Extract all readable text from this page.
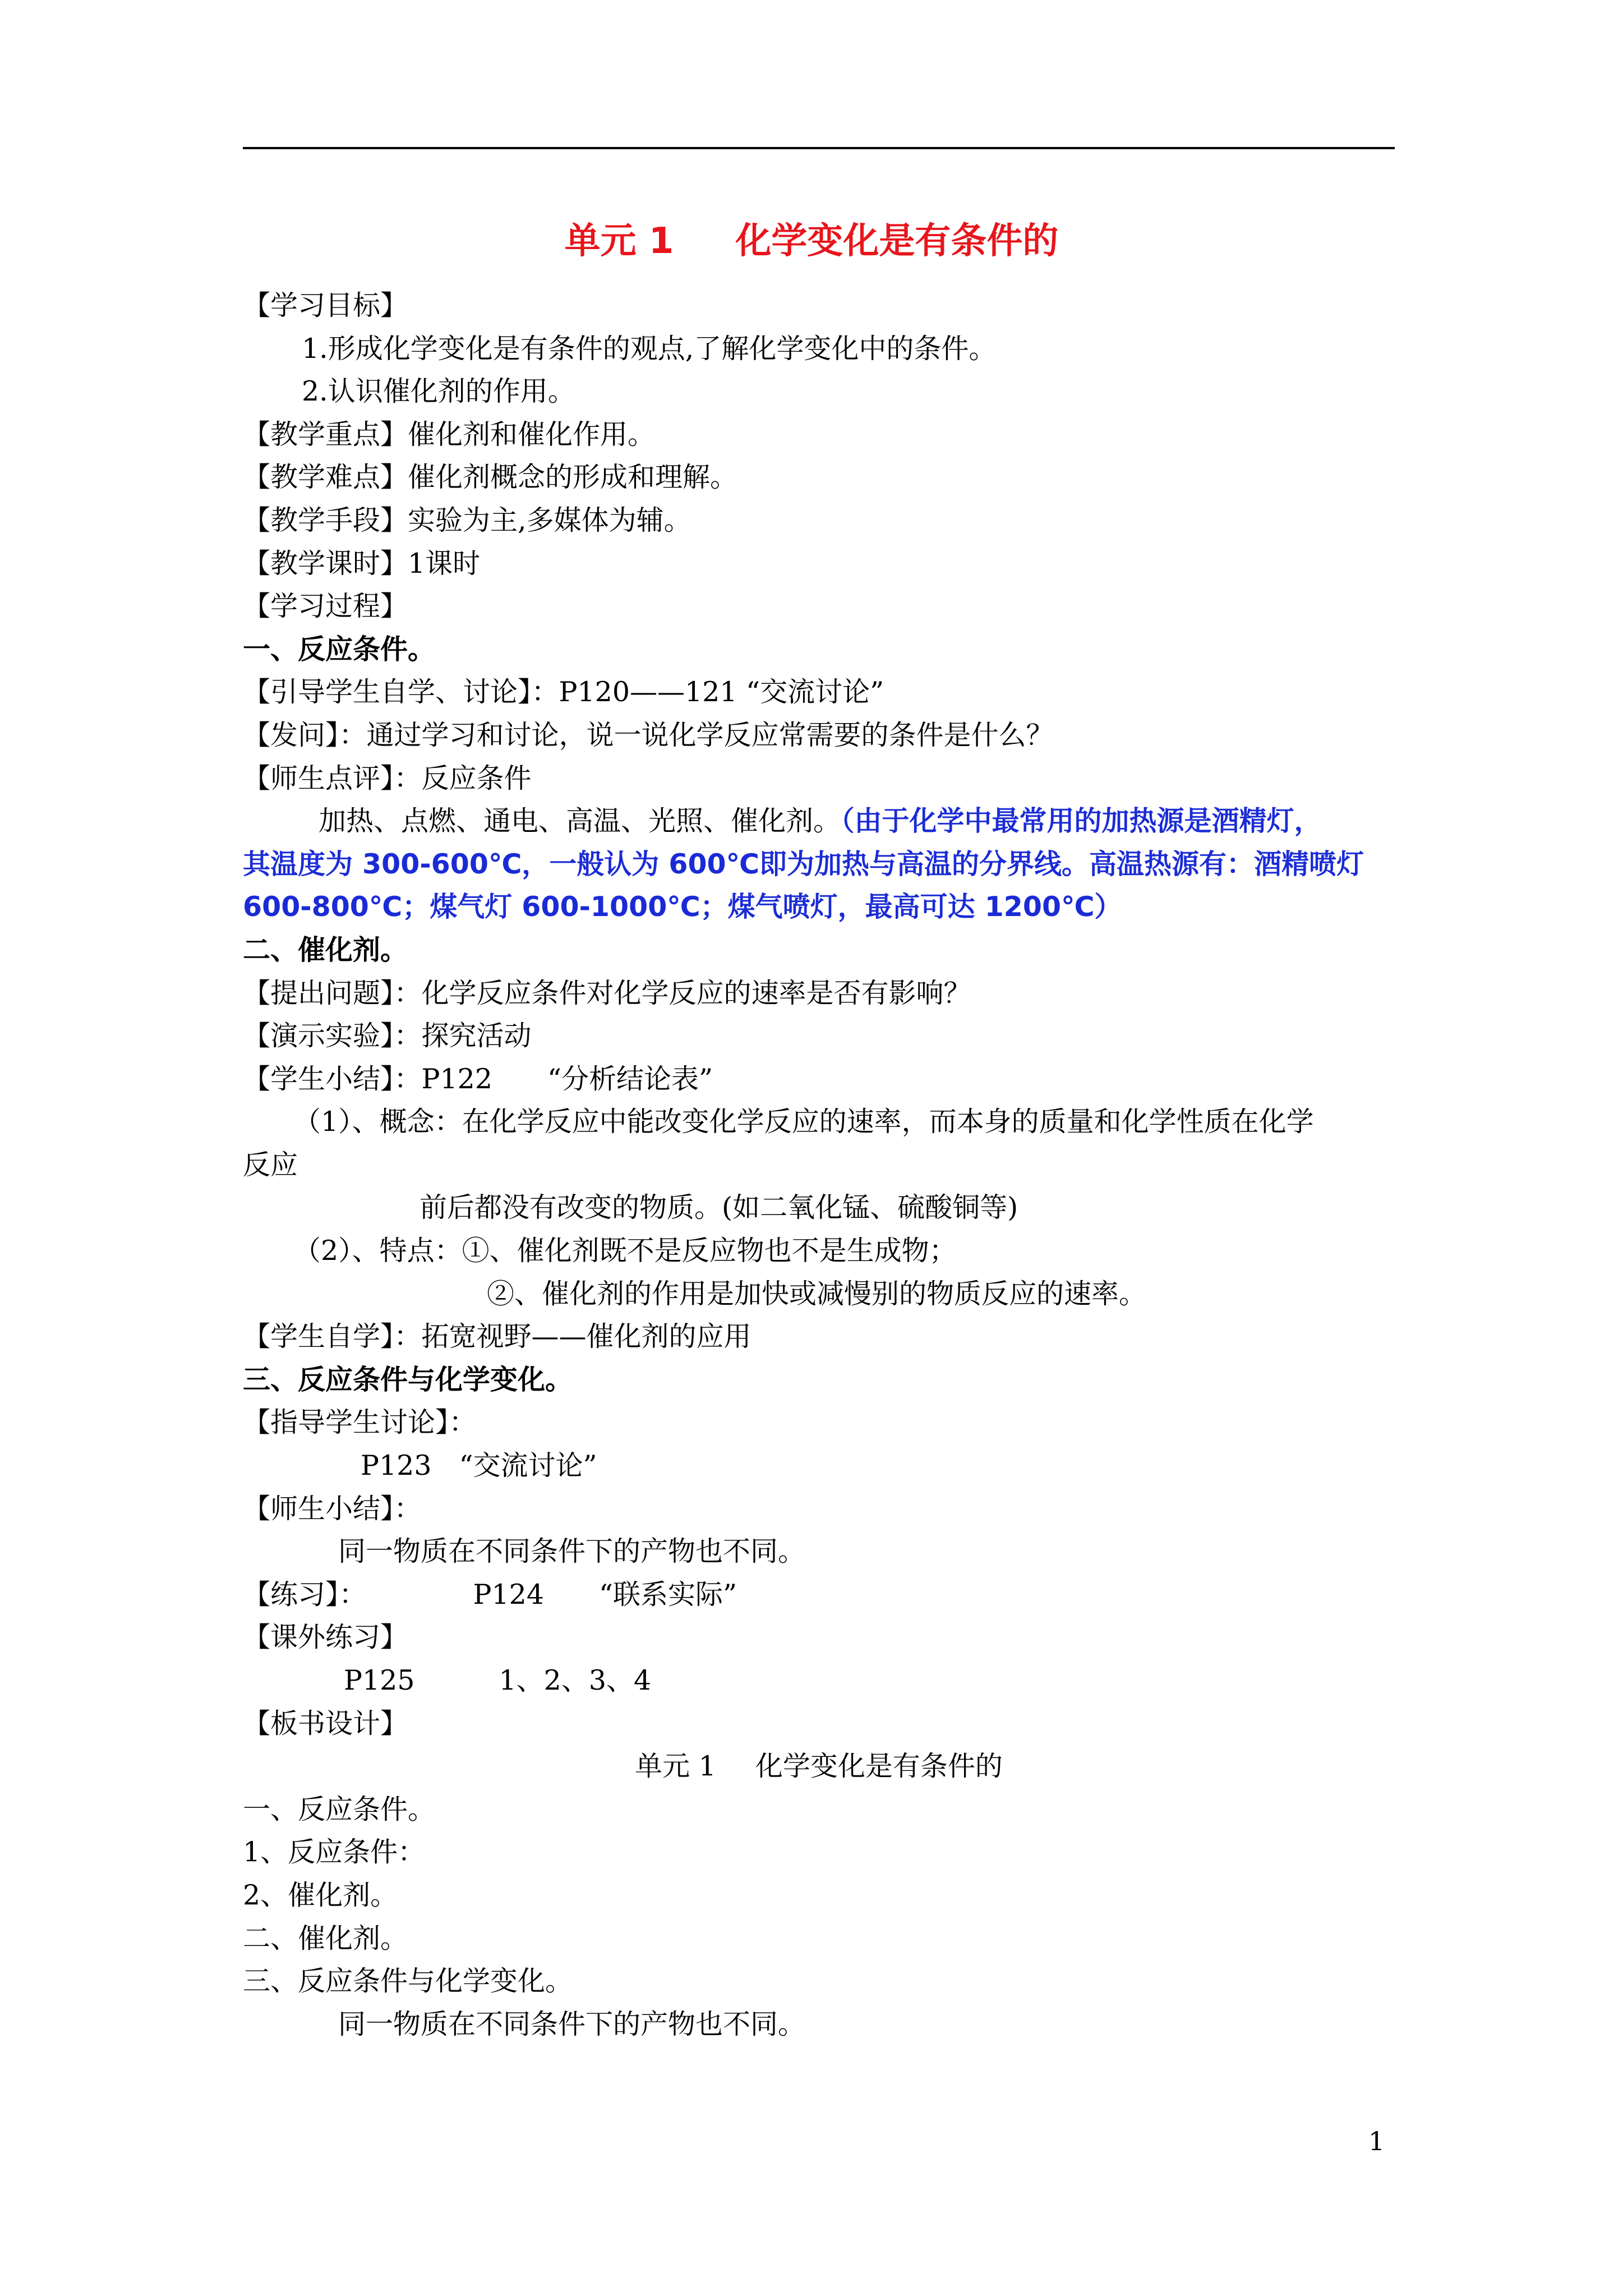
单元 1 化学变化是有条件的
【学习目标】
1.形成化学变化是有条件的观点,了解化学变化中的条件。
2.认识催化剂的作用。
【教学重点】催化剂和催化作用。
【教学难点】催化剂概念的形成和理解。
【教学手段】实验为主,多媒体为辅。
【教学课时】1课时
【学习过程】
一、反应条件。
【引导学生自学、讨论】：P120——121 “交流讨论”
【发问】：通过学习和讨论，说一说化学反应常需要的条件是什么？
【师生点评】：反应条件
加热、点燃、通电、高温、光照、催化剂。（由于化学中最常用的加热源是酒精灯，
其温度为 300-600℃，一般认为 600℃即为加热与高温的分界线。高温热源有：酒精喷灯
600-800℃；煤气灯 600-1000℃；煤气喷灯，最高可达 1200℃）
二、催化剂。
【提出问题】：化学反应条件对化学反应的速率是否有影响？
【演示实验】：探究活动
【学生小结】：P122　　“分析结论表”
（1）、概念：在化学反应中能改变化学反应的速率，而本身的质量和化学性质在化学
反应
前后都没有改变的物质。(如二氧化锰、硫酸铜等)
（2）、特点：①、催化剂既不是反应物也不是生成物；
②、催化剂的作用是加快或减慢别的物质反应的速率。
【学生自学】：拓宽视野——催化剂的应用
三、反应条件与化学变化。
【指导学生讨论】：
P123　“交流讨论”
【师生小结】：
同一物质在不同条件下的产物也不同。
【练习】：	P124　　“联系实际”
【课外练习】
P125	1、2、3、4
【板书设计】
单元 1 化学变化是有条件的
一、反应条件。
1、反应条件：
2、催化剂。
二、催化剂。
三、反应条件与化学变化。
同一物质在不同条件下的产物也不同。
1
